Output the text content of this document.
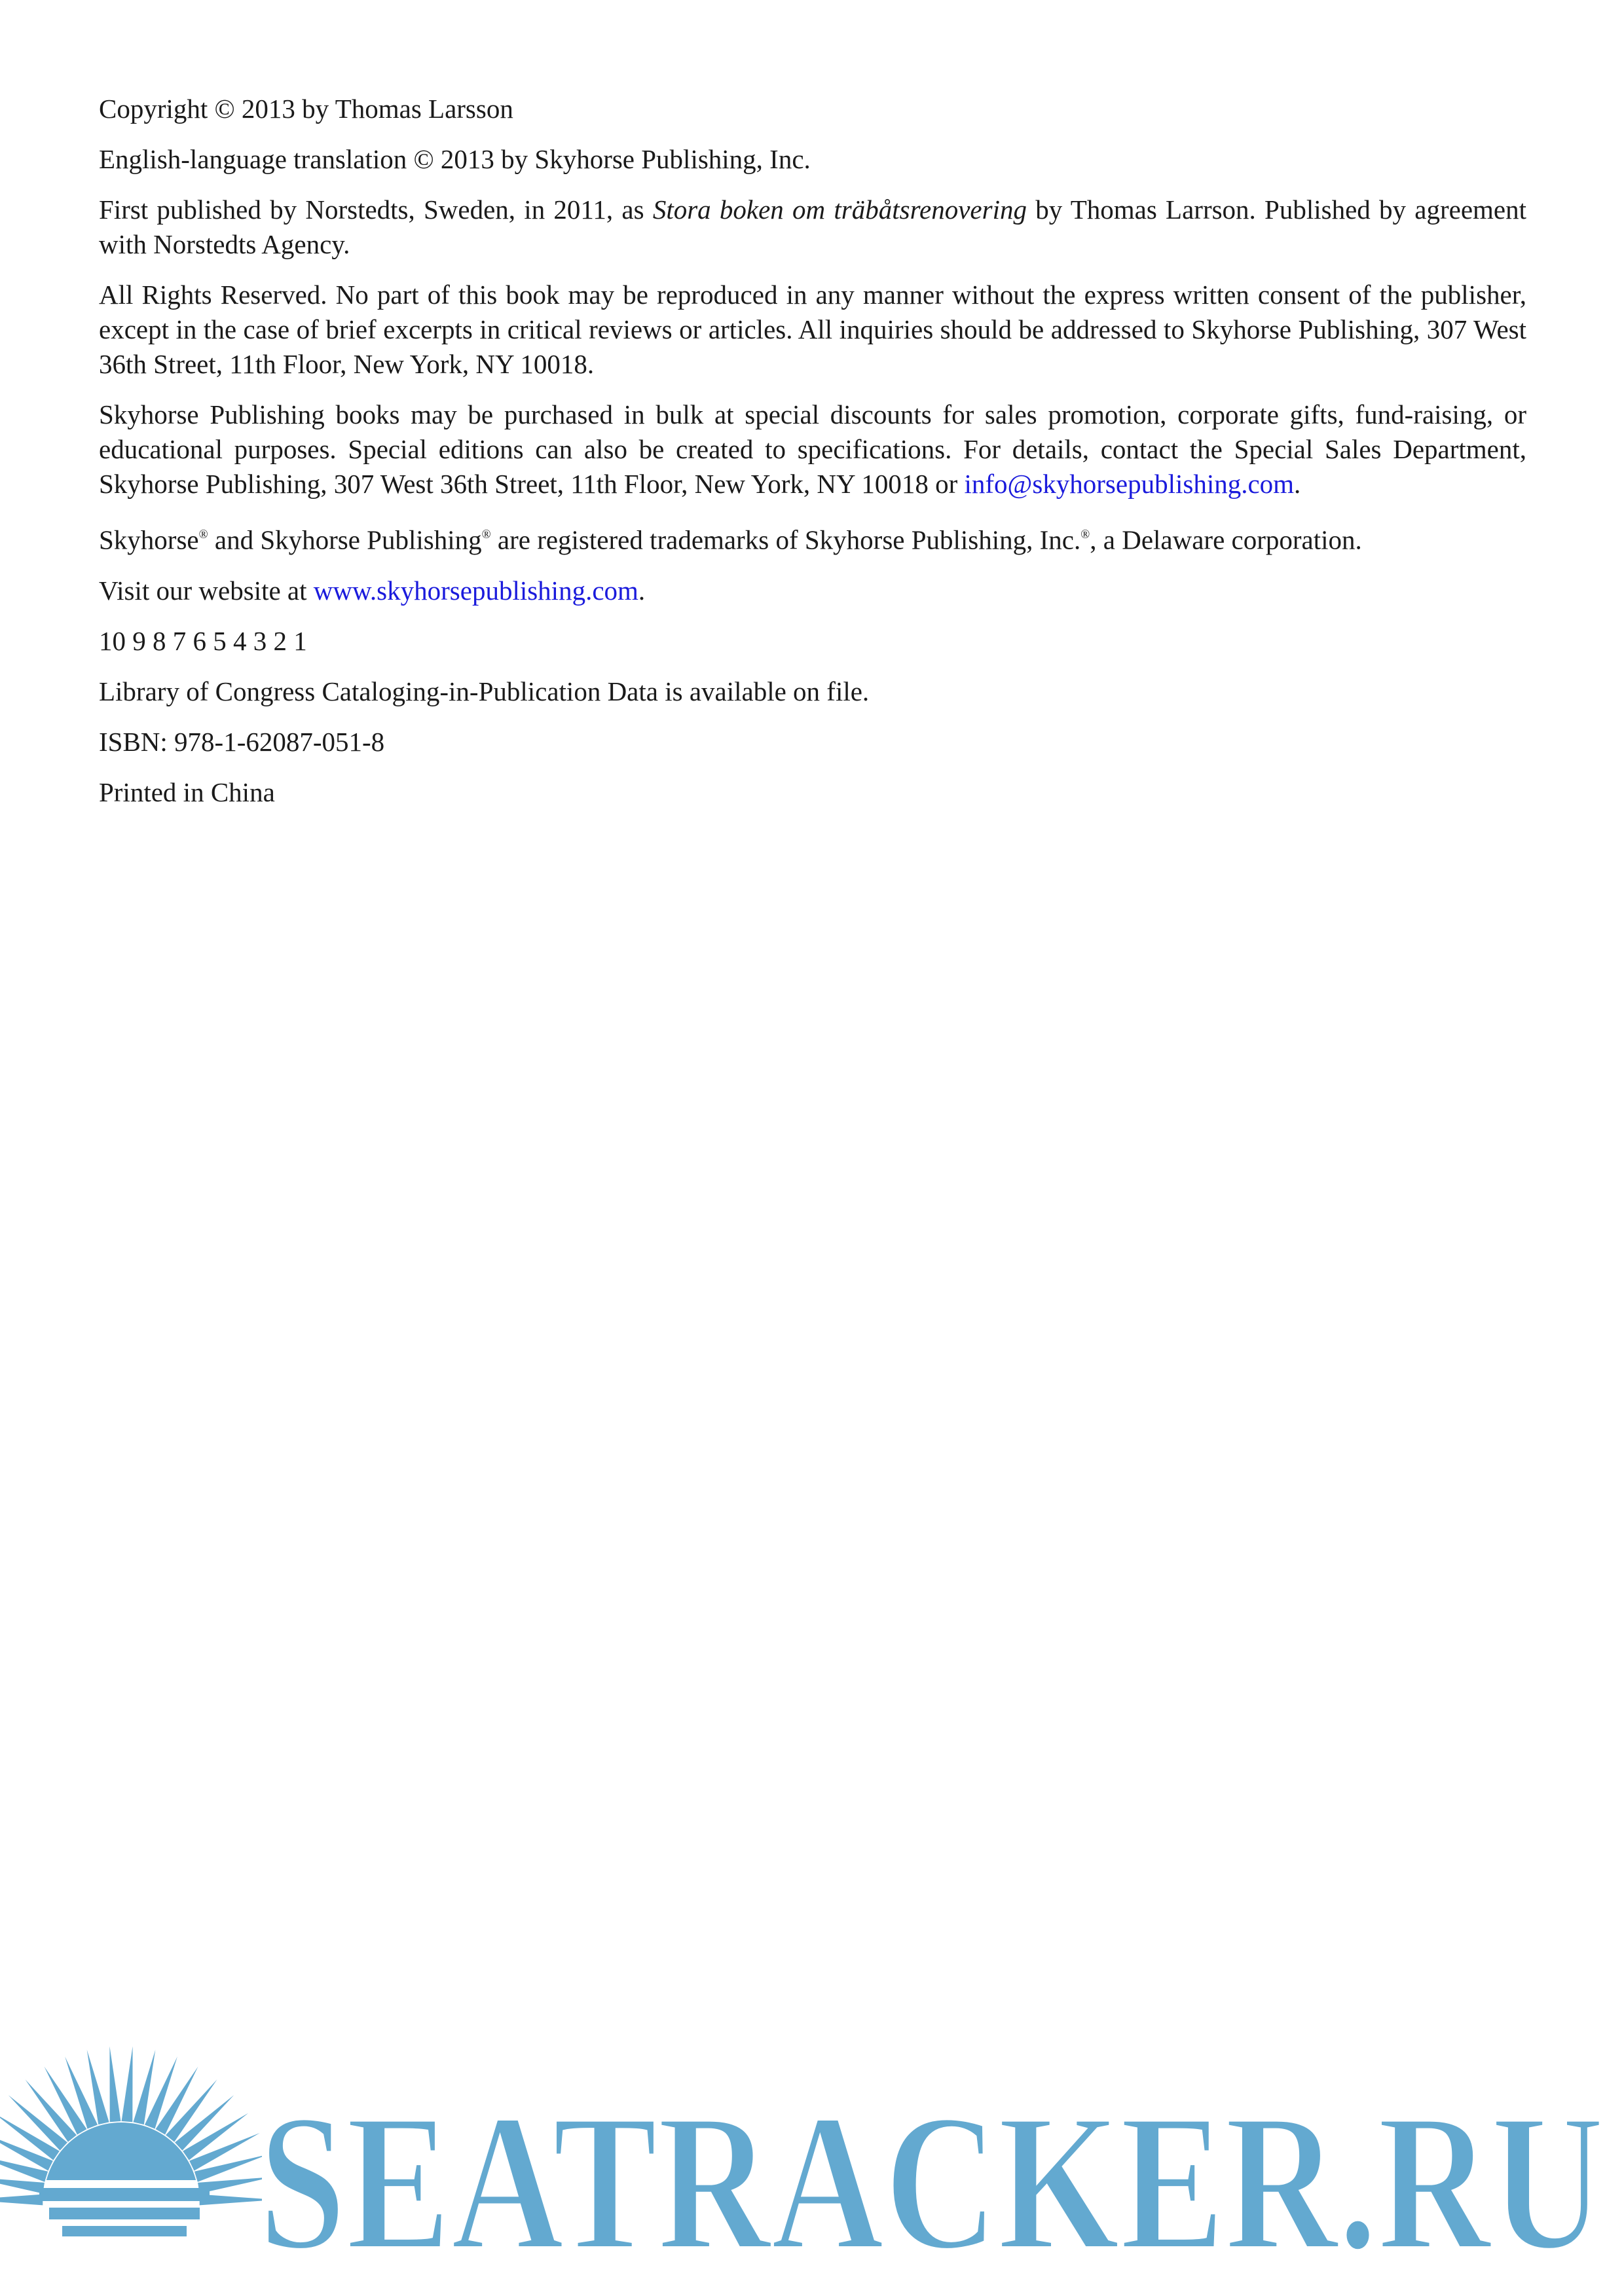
Copyright © 2013 by Thomas Larsson

English-language translation © 2013 by Skyhorse Publishing, Inc.

First published by Norstedts, Sweden, in 2011, as Stora boken om träbåtsrenovering by Thomas Larrson. Published by agreement with Norstedts Agency.

All Rights Reserved. No part of this book may be reproduced in any manner without the express written consent of the publisher, except in the case of brief excerpts in critical reviews or articles. All inquiries should be addressed to Skyhorse Publishing, 307 West 36th Street, 11th Floor, New York, NY 10018.

Skyhorse Publishing books may be purchased in bulk at special discounts for sales promotion, corporate gifts, fund-raising, or educational purposes. Special editions can also be created to specifications. For details, contact the Special Sales Department, Skyhorse Publishing, 307 West 36th Street, 11th Floor, New York, NY 10018 or info@skyhorsepublishing.com.

Skyhorse® and Skyhorse Publishing® are registered trademarks of Skyhorse Publishing, Inc.®, a Delaware corporation.

Visit our website at www.skyhorsepublishing.com.

10 9 8 7 6 5 4 3 2 1

Library of Congress Cataloging-in-Publication Data is available on file.

ISBN: 978-1-62087-051-8

Printed in China

SEATRACKER.RU
